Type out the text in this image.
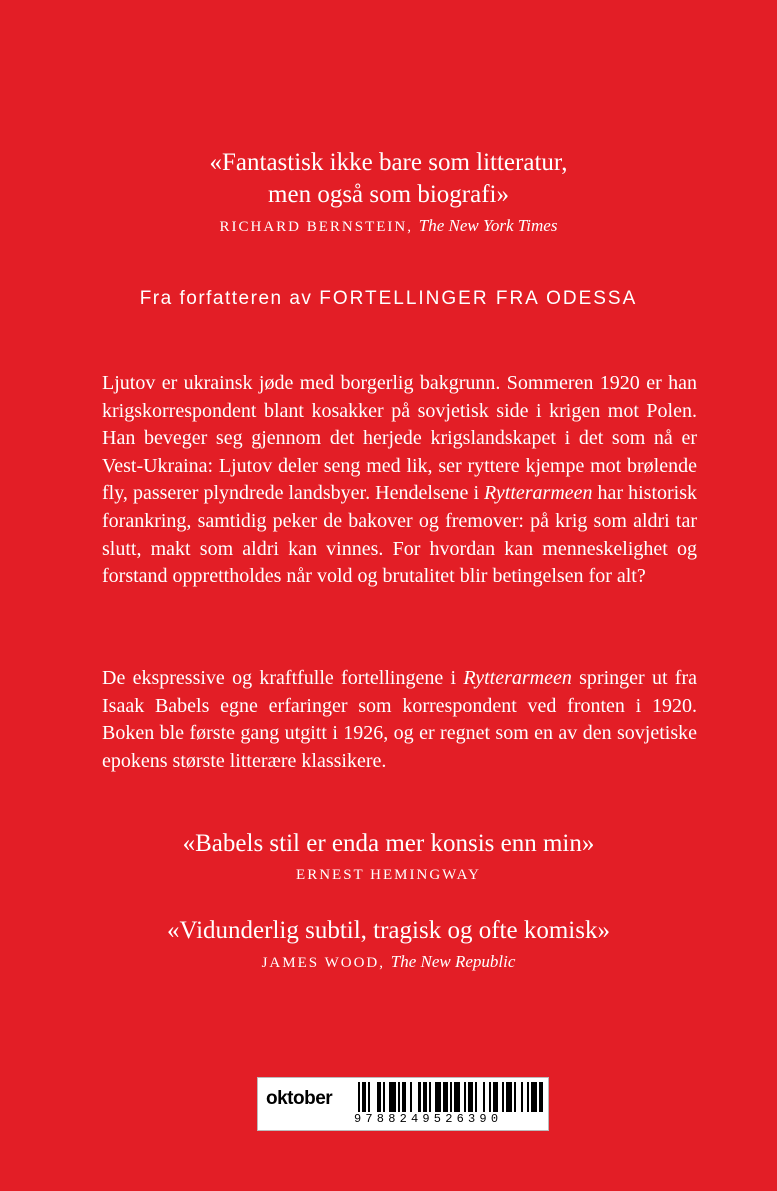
«Fantastisk ikke bare som litteratur,

men også som biografi»

RICHARD BERNSTEIN, The New York Times
Fra forfatteren av FORTELLINGER FRA ODESSA

Ljutov er ukrainsk jøde med borgerlig bakgrunn. Sommeren 1920 er han krigskorrespondent blant kosakker på sovjetisk side i krigen mot Polen. Han beveger seg gjennom det herjede krigslandskapet i det som nå er Vest-Ukraina: Ljutov deler seng med lik, ser ryttere kjempe mot brølende fly, passerer plyndrede landsbyer. Hendelsene i Rytterarmeen har historisk forankring, samtidig peker de bakover og fremover: på krig som aldri tar slutt, makt som aldri kan vinnes. For hvordan kan menneskelighet og forstand opprettholdes når vold og brutalitet blir betingelsen for alt?

De ekspressive og kraftfulle fortellingene i Rytterarmeen springer ut fra Isaak Babels egne erfaringer som korrespondent ved fronten i 1920. Boken ble første gang utgitt i 1926, og er regnet som en av den sovjetiske epokens største litterære klassikere.

«Babels stil er enda mer konsis enn min»

ERNEST HEMINGWAY

«Vidunderlig subtil, tragisk og ofte komisk»

JAMES WOOD, The New Republic
oktober
9788249526390
